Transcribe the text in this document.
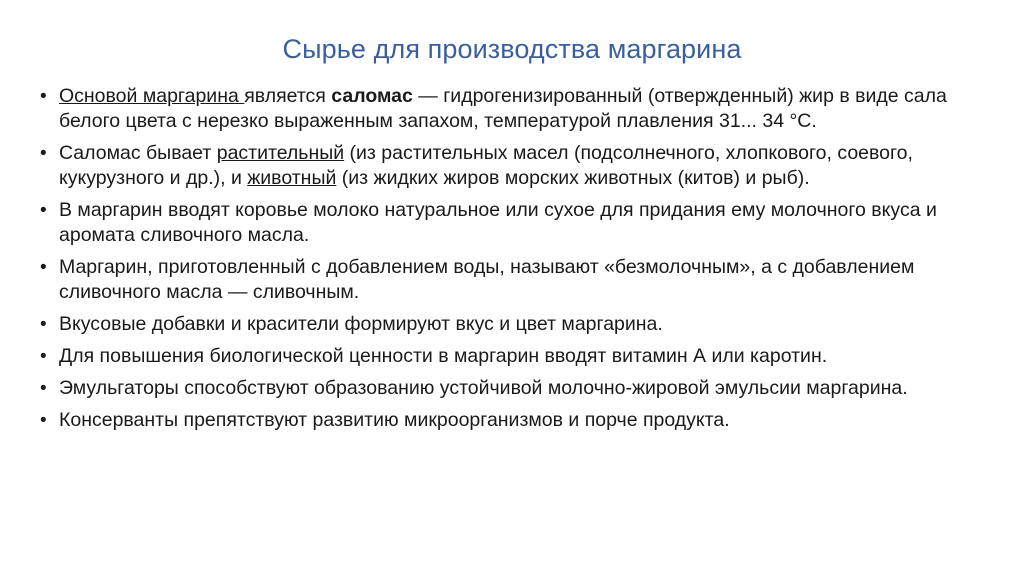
Сырье для производства маргарина
• Основой маргарина является саломас — гидрогенизированный (отвержденный) жир в виде сала белого цвета с нерезко выраженным запахом, температурой плавления 31... 34 °С.
• Саломас бывает растительный (из растительных масел (подсолнечного, хлопкового, соевого, кукурузного и др.), и животный (из жидких жиров морских животных (китов) и рыб).
• В маргарин вводят коровье молоко натуральное или сухое для придания ему молочного вкуса и аромата сливочного масла.
• Маргарин, приготовленный с добавлением воды, называют «безмолочным», а с добавлением сливочного масла — сливочным.
• Вкусовые добавки и красители формируют вкус и цвет маргарина.
• Для повышения биологической ценности в маргарин вводят витамин А или каротин.
• Эмульгаторы способствуют образованию устойчивой молочно-жировой эмульсии маргарина.
• Консерванты препятствуют развитию микроорганизмов и порче продукта.
